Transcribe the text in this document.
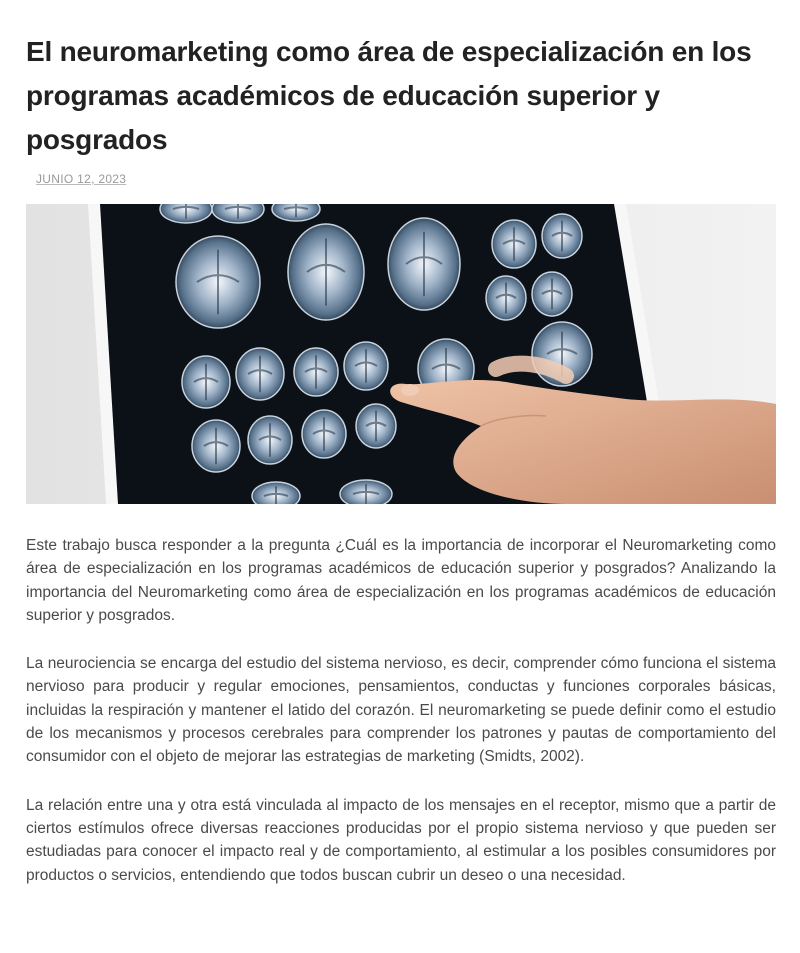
El neuromarketing como área de especialización en los programas académicos de educación superior y posgrados
JUNIO 12, 2023

Este trabajo busca responder a la pregunta ¿Cuál es la importancia de incorporar el Neuromarketing como área de especialización en los programas académicos de educación superior y posgrados? Analizando la importancia del Neuromarketing como área de especialización en los programas académicos de educación superior y posgrados.

La neurociencia se encarga del estudio del sistema nervioso, es decir, comprender cómo funciona el sistema nervioso para producir y regular emociones, pensamientos, conductas y funciones corporales básicas, incluidas la respiración y mantener el latido del corazón. El neuromarketing se puede definir como el estudio de los mecanismos y procesos cerebrales para comprender los patrones y pautas de comportamiento del consumidor con el objeto de mejorar las estrategias de marketing (Smidts, 2002).

La relación entre una y otra está vinculada al impacto de los mensajes en el receptor, mismo que a partir de ciertos estímulos ofrece diversas reacciones producidas por el propio sistema nervioso y que pueden ser estudiadas para conocer el impacto real y de comportamiento, al estimular a los posibles consumidores por productos o servicios, entendiendo que todos buscan cubrir un deseo o una necesidad.
